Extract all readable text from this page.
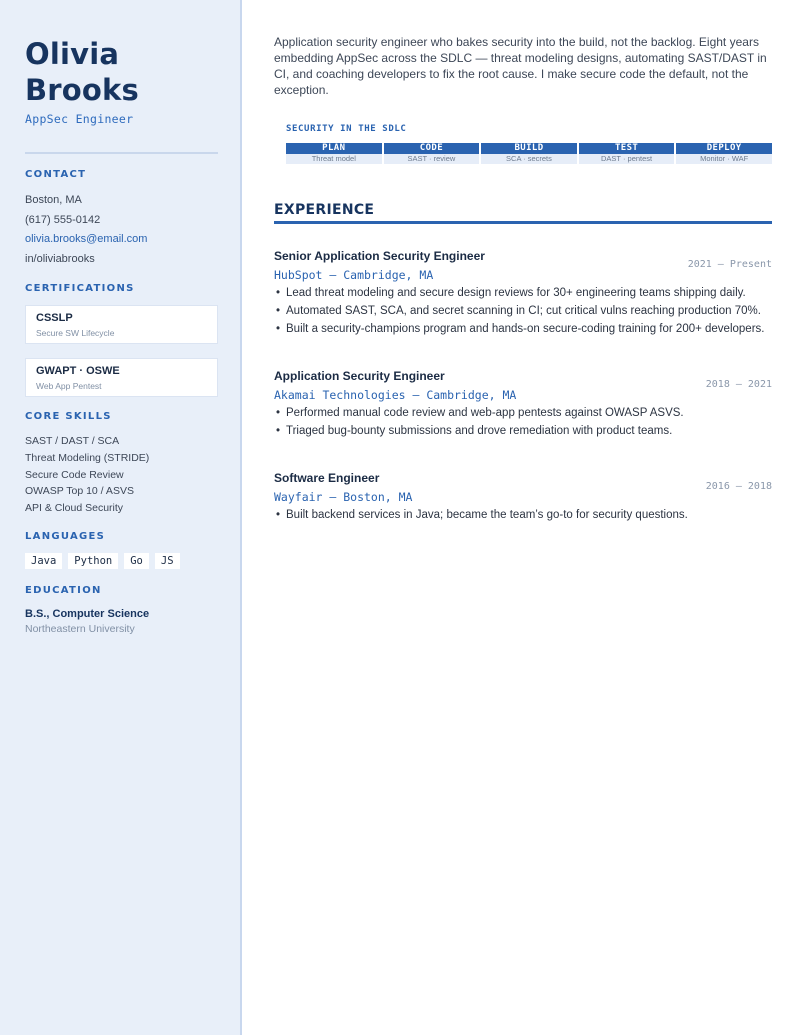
Olivia Brooks
AppSec Engineer
CONTACT
Boston, MA
(617) 555-0142
olivia.brooks@email.com
in/oliviabrooks
CERTIFICATIONS
CSSLP
Secure SW Lifecycle
GWAPT · OSWE
Web App Pentest
CORE SKILLS
SAST / DAST / SCA
Threat Modeling (STRIDE)
Secure Code Review
OWASP Top 10 / ASVS
API & Cloud Security
LANGUAGES
Java	Python	Go	JS
EDUCATION
B.S., Computer Science
Northeastern University

Application security engineer who bakes security into the build, not the backlog. Eight years embedding AppSec across the SDLC — threat modeling designs, automating SAST/DAST in CI, and coaching developers to fix the root cause. I make secure code the default, not the exception.

SECURITY IN THE SDLC
PLAN
Threat model
CODE
SAST · review
BUILD
SCA · secrets
TEST
DAST · pentest
DEPLOY
Monitor · WAF
EXPERIENCE
Senior Application Security Engineer
2021 — Present
HubSpot — Cambridge, MA
• Lead threat modeling and secure design reviews for 30+ engineering teams shipping daily.
• Automated SAST, SCA, and secret scanning in CI; cut critical vulns reaching production 70%.
• Built a security-champions program and hands-on secure-coding training for 200+ developers.
Application Security Engineer
2018 — 2021
Akamai Technologies — Cambridge, MA
• Performed manual code review and web-app pentests against OWASP ASVS.
• Triaged bug-bounty submissions and drove remediation with product teams.
Software Engineer
2016 — 2018
Wayfair — Boston, MA
• Built backend services in Java; became the team’s go-to for security questions.
